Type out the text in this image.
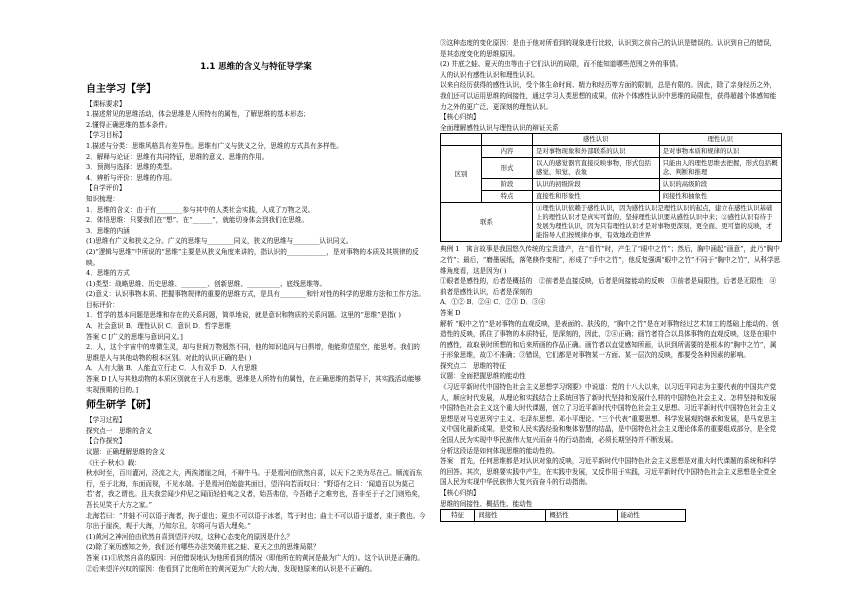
1.1 思维的含义与特征导学案
自主学习【学】

【课标要求】

1.描述常见的思维活动，体会思维是人所特有的属性，了解思维的基本形态；

2.懂得正确思维的基本条件。

【学习目标】

1.描述与分类：思维风格具有差异性。思维有广义与狭义之分，思维的方式具有多样性。

2．解释与论证：思维有共同特征，思维的意义、思维的作用。

3．预测与选择：思维的类型。

4．辨析与评价：思维的作用。

【自学评价】

知识梳理：

1．思维的含义：由于有________参与其中的人类社会实践，人成了万物之灵。

2．体悟思维：只要我们在“想”、在“______”，就能切身体会到我们在思维。

3．思维的内涵

(1)思维有广义和狭义之分。广义的思维与________同义，狭义的思维与________认识同义。

(2)“逻辑与思维”中所说的“思维”主要是从狭义角度来讲的，指认识的____________，是对事物的本质及其规律的反映。

4．思维的方式

(1)类型：战略思维、历史思维、________、创新思维、__________、底线思维等。

(2)意义：认识事物本质、把握事物规律的重要的思维方式，是具有________和针对性的科学的思维方法和工作方法。

目标评价：

1．哲学的基本问题是思维和存在的关系问题，简单地说，就是意识和物质的关系问题。这里的“思维”是指( )

A．社会意识 B．理性认识 C．意识 D．哲学思维

答案 C [广义的思维与意识同义。]

2．人，这个宇宙中的卑微生灵，却与世间万物迥然不同，他的知识追问与日俱增，他能仰望星空，能思考。我们的思维是人与其他动物的根本区别。对此的认识正确的是( )

A．人有大脑 B．人能直立行走 C．人有双手 D．人有思维

答案 D [人与其他动物的本质区别就在于人有思维，思维是人所特有的属性，在正确思维的指导下，其实践活动能够实现预期的目的。]

师生研学【研】

【学习过程】

探究点一　思维的含义

【合作探究】

议题：正确理解思维的含义

《庄子·秋水》载：

秋水时至，百川灌河，泾流之大，两涘渚崖之间，不辩牛马。于是焉河伯欣然自喜，以天下之美为尽在己。顺流而东行，至于北海，东面而视，不见水端。于是焉河伯始旋其面目，望洋向若而叹曰：“野语有之曰：‘闻道百以为莫己若’者，我之谓也。且夫我尝闻少仲尼之闻而轻伯夷之义者，始吾弗信，今吾睹子之难穷也，吾非至于子之门则殆矣，吾长见笑于大方之家。”

北海若曰：“井蛙不可以语于海者，拘于虚也；夏虫不可以语于冰者，笃于时也；曲士不可以语于道者，束于教也。今尔出于崖涘，观于大海，乃知尔丑，尔将可与语大理矣。”

(1)黄河之神河伯由欣然自喜到望洋兴叹，这种心态变化的原因是什么？

(2)除了案历感知之外，我们还有哪些办法突破井底之蛙、夏天之虫的思维局限？

答案 (1)①欣然自喜的原因：河伯错误地认为他所看到的情况（即他所在的黄河是最为广大的）。这个认识是正确的。

②后来望洋兴叹的原因：他看到了比他所在的黄河更为广大的大海，发现他原来的认识是不正确的。

③这种态度的变化原因：是由于他对所看到的现象进行比较，认识到之前自己的认识是错误的。认识到自己的错误，是其态度变化的思维原因。

(2) 井底之蛙、夏天的虫等由于它们认识的局限，而不能知道哪些范围之外的事情。

人的认识有感性认识和理性认识。

以来自经历获得的感性认识，受个体生命时间、精力和经历等方面的限制，总是有限的。因此，除了亲身经历之外，我们还可以运用思维的间接性，通过学习人类思想的成果，依补个体感性认识中思维的局限性，获得超越个体感知能力之外的更广泛、更深刻的理性认识。

【核心归纳】

全面理解感性认识与理性认识的辩证关系

		感性认识	理性认识
区别	内容	是对事物现象和外部联系的认识	是对事物本质和规律的认识
	形式	以人的感觉器官直接反映事物，形式包括感觉、知觉、表象	只能由人的理性思维去把握，形式包括概念、判断和推理
	阶段	认识的初级阶段	认识的高级阶段
	特点	直接性和形象性	间接性和抽象性
联系		①理性认识依赖于感性认识，因为感性认识是理性认识的起点，建立在感性认识基础上的理性认识才是真实可靠的，坚持理性认识要从感性认识中来；②感性认识有待于发展为理性认识，因为只有理性认识才是对事物更深刻、更全面、更可靠的反映，才能指导人们按规律办事，有效地改造世界	

典例 1　寓言故事是我国悠久传统的宝贵遗产，在“看竹”时，产生了“眼中之竹”；然后，胸中涌起“画意”，此乃“胸中之竹”；最后，“磨墨展纸，落笔倏作变相”，形成了“手中之竹”，他反复强调“眼中之竹”不同于“胸中之竹”，从科学思维角度看，这是因为( )

①眼者是感性的，后者是概括的　②前者是直接反映，后者是间接能动的反映　③前者是局限性，后者是无限性　④前者是感性认识，后者是深刻的

A．①② B．②④ C．②③ D．③④

答案 D

解析 “眼中之竹”是对事物的直观反映，是表面的、肤浅的，“胸中之竹”是在对事物经过艺术加工的基础上能动的、创造性的反映，抓住了事物的本质特征，是深刻的，因此，②④正确；画竹者符合以具体事物的直观反映，这是在眼中的感性，故取景时所想的和后来所画的作品正确。画竹者以直觉感知所画，认识到所需要的是根本的“胸中之竹”，属于形象思维，故①不准确；③错误，它们都是对事物某一方面、某一层次的反映，都要受各种因素的影响。

探究点二　思维的特征

议题：全面把握思维的能动性

《习近平新时代中国特色社会主义思想学习纲要》中说道：党的十八大以来，以习近平同志为主要代表的中国共产党人，顺应时代发展，从理论和实践结合上系统回答了新时代坚持和发展什么样的中国特色社会主义、怎样坚持和发展中国特色社会主义这个重大时代课题，创立了习近平新时代中国特色社会主义思想。习近平新时代中国特色社会主义思想是对马克思列宁主义、毛泽东思想、邓小平理论、“三个代表”重要思想、科学发展观的继承和发展，是马克思主义中国化最新成果，是党和人民实践经验和集体智慧的结晶，是中国特色社会主义理论体系的重要组成部分，是全党全国人民为实现中华民族伟大复兴而奋斗的行动指南，必须长期坚持并不断发展。

分析这段话是如何体现思维的能动性的。

答案　首先，任何思维都是对认识对象的反映，习近平新时代中国特色社会主义思想是对重大时代课题的系统和科学的回答。其次，思维要实践中产生，在实践中发展，又反作用于实践，习近平新时代中国特色社会主义思想是全党全国人民为实现中华民族伟大复兴而奋斗的行动指南。

【核心归纳】

思维的间接性、概括性、能动性

特征	间接性	概括性	能动性
